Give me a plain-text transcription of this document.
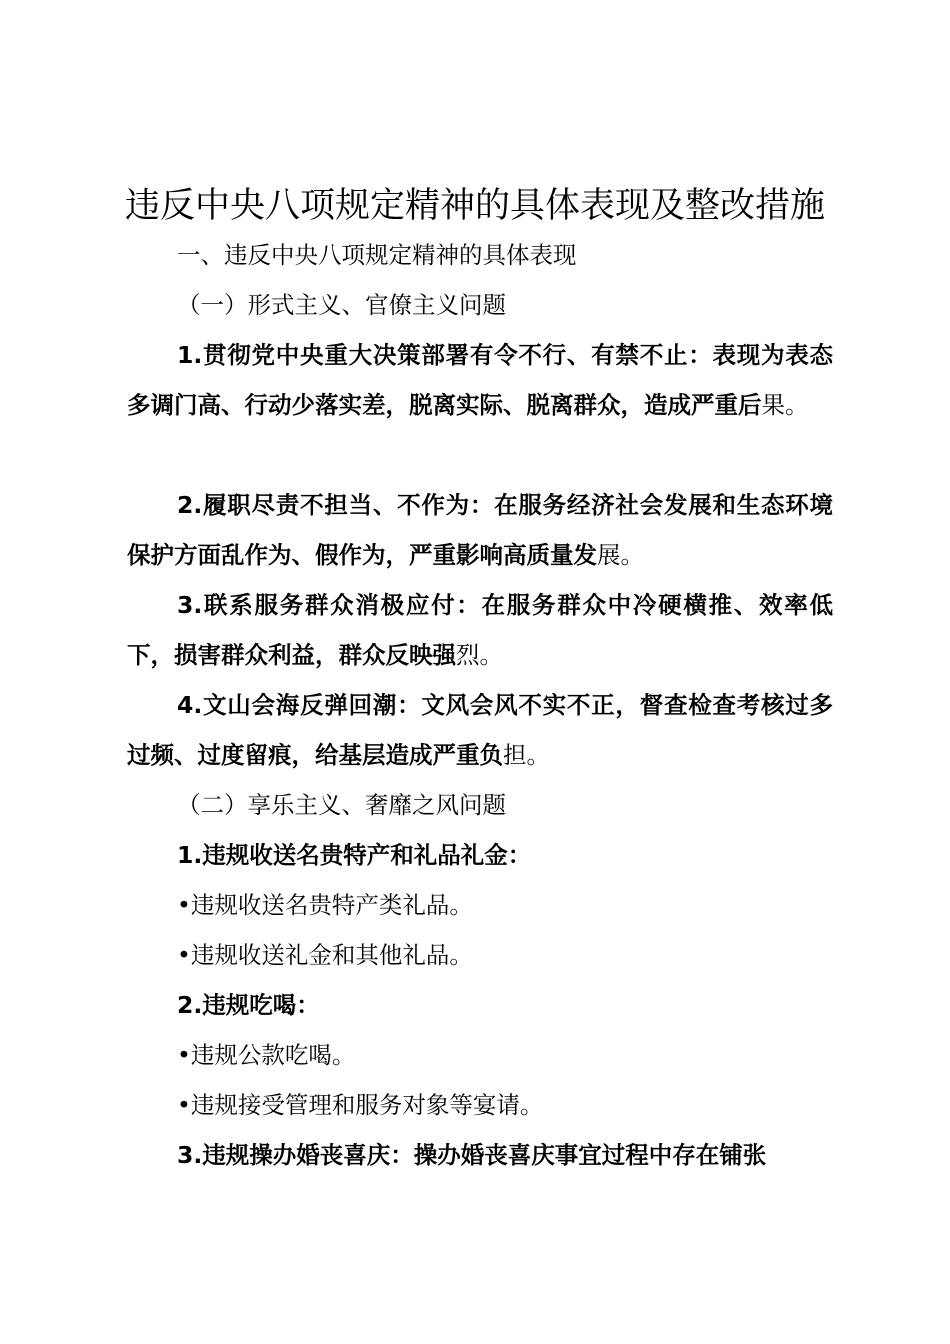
违反中央八项规定精神的具体表现及整改措施

一、违反中央八项规定精神的具体表现

（一）形式主义、官僚主义问题

1.贯彻党中央重大决策部署有令不行、有禁不止：表现为表态多调门高、行动少落实差，脱离实际、脱离群众，造成严重后果。

2.履职尽责不担当、不作为：在服务经济社会发展和生态环境保护方面乱作为、假作为，严重影响高质量发展。

3.联系服务群众消极应付：在服务群众中冷硬横推、效率低下，损害群众利益，群众反映强烈。

4.文山会海反弹回潮：文风会风不实不正，督查检查考核过多过频、过度留痕，给基层造成严重负担。

（二）享乐主义、奢靡之风问题

1.违规收送名贵特产和礼品礼金：

•违规收送名贵特产类礼品。

•违规收送礼金和其他礼品。

2.违规吃喝：

•违规公款吃喝。

•违规接受管理和服务对象等宴请。

3.违规操办婚丧喜庆：操办婚丧喜庆事宜过程中存在铺张
